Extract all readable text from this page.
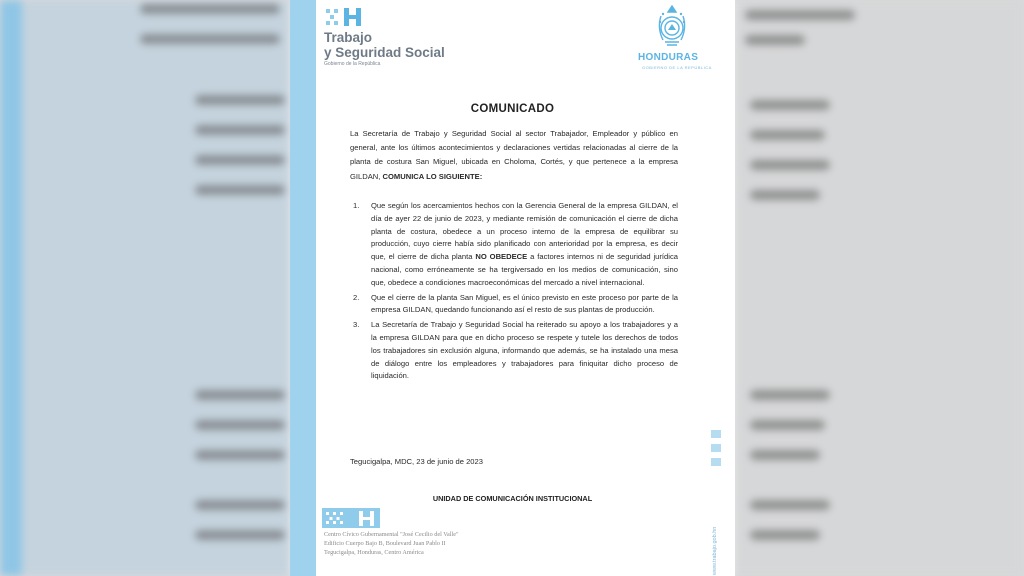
Trabajo
y Seguridad Social
Gobierno de la República
HONDURAS
GOBIERNO DE LA REPÚBLICA
COMUNICADO
La Secretaría de Trabajo y Seguridad Social al sector Trabajador, Empleador y público en general, ante los últimos acontecimientos y declaraciones vertidas relacionadas al cierre de la planta de costura San Miguel, ubicada en Choloma, Cortés, y que pertenece a la empresa GILDAN, COMUNICA LO SIGUIENTE:
1. Que según los acercamientos hechos con la Gerencia General de la empresa GILDAN, el día de ayer 22 de junio de 2023, y mediante remisión de comunicación el cierre de dicha planta de costura, obedece a un proceso interno de la empresa de equilibrar su producción, cuyo cierre había sido planificado con anterioridad por la empresa, es decir que, el cierre de dicha planta NO OBEDECE a factores internos ni de seguridad jurídica nacional, como erróneamente se ha tergiversado en los medios de comunicación, sino que, obedece a condiciones macroeconómicas del mercado a nivel internacional.
2. Que el cierre de la planta San Miguel, es el único previsto en este proceso por parte de la empresa GILDAN, quedando funcionando así el resto de sus plantas de producción.
3. La Secretaría de Trabajo y Seguridad Social ha reiterado su apoyo a los trabajadores y a la empresa GILDAN para que en dicho proceso se respete y tutele los derechos de todos los trabajadores sin exclusión alguna, informando que además, se ha instalado una mesa de diálogo entre los empleadores y trabajadores para finiquitar dicho proceso de liquidación.
Tegucigalpa, MDC, 23 de junio de 2023
UNIDAD DE COMUNICACIÓN INSTITUCIONAL
Centro Cívico Gubernamental "José Cecilio del Valle"
Edificio Cuerpo Bajo B, Boulevard Juan Pablo II
Tegucigalpa, Honduras, Centro América	www.trabajo.gob.hn
